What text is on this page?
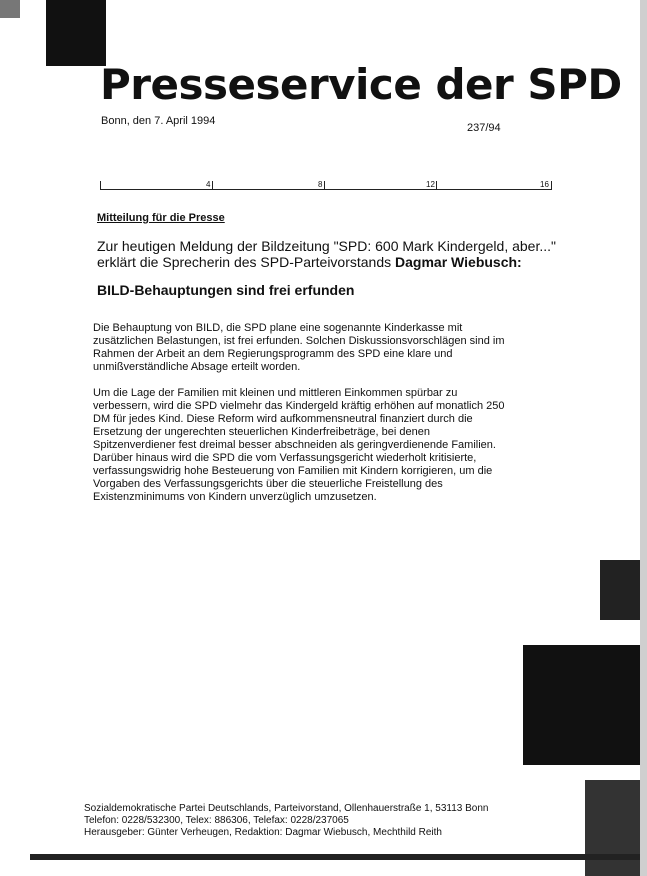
Presseservice der SPD
Bonn, den 7. April 1994
237/94
4	8	12	16
Mitteilung für die Presse
Zur heutigen Meldung der Bildzeitung "SPD: 600 Mark Kindergeld, aber..."
erklärt die Sprecherin des SPD-Parteivorstands Dagmar Wiebusch:
BILD-Behauptungen sind frei erfunden

Die Behauptung von BILD, die SPD plane eine sogenannte Kinderkasse mit
zusätzlichen Belastungen, ist frei erfunden. Solchen Diskussionsvorschlägen sind im
Rahmen der Arbeit an dem Regierungsprogramm des SPD eine klare und
unmißverständliche Absage erteilt worden.

Um die Lage der Familien mit kleinen und mittleren Einkommen spürbar zu
verbessern, wird die SPD vielmehr das Kindergeld kräftig erhöhen auf monatlich 250
DM für jedes Kind. Diese Reform wird aufkommensneutral finanziert durch die
Ersetzung der ungerechten steuerlichen Kinderfreibeträge, bei denen
Spitzenverdiener fest dreimal besser abschneiden als geringverdienende Familien.
Darüber hinaus wird die SPD die vom Verfassungsgericht wiederholt kritisierte,
verfassungswidrig hohe Besteuerung von Familien mit Kindern korrigieren, um die
Vorgaben des Verfassungsgerichts über die steuerliche Freistellung des
Existenzminimums von Kindern unverzüglich umzusetzen.

Sozialdemokratische Partei Deutschlands, Parteivorstand, Ollenhauerstraße 1, 53113 Bonn
Telefon: 0228/532300, Telex: 886306, Telefax: 0228/237065
Herausgeber: Günter Verheugen, Redaktion: Dagmar Wiebusch, Mechthild Reith
